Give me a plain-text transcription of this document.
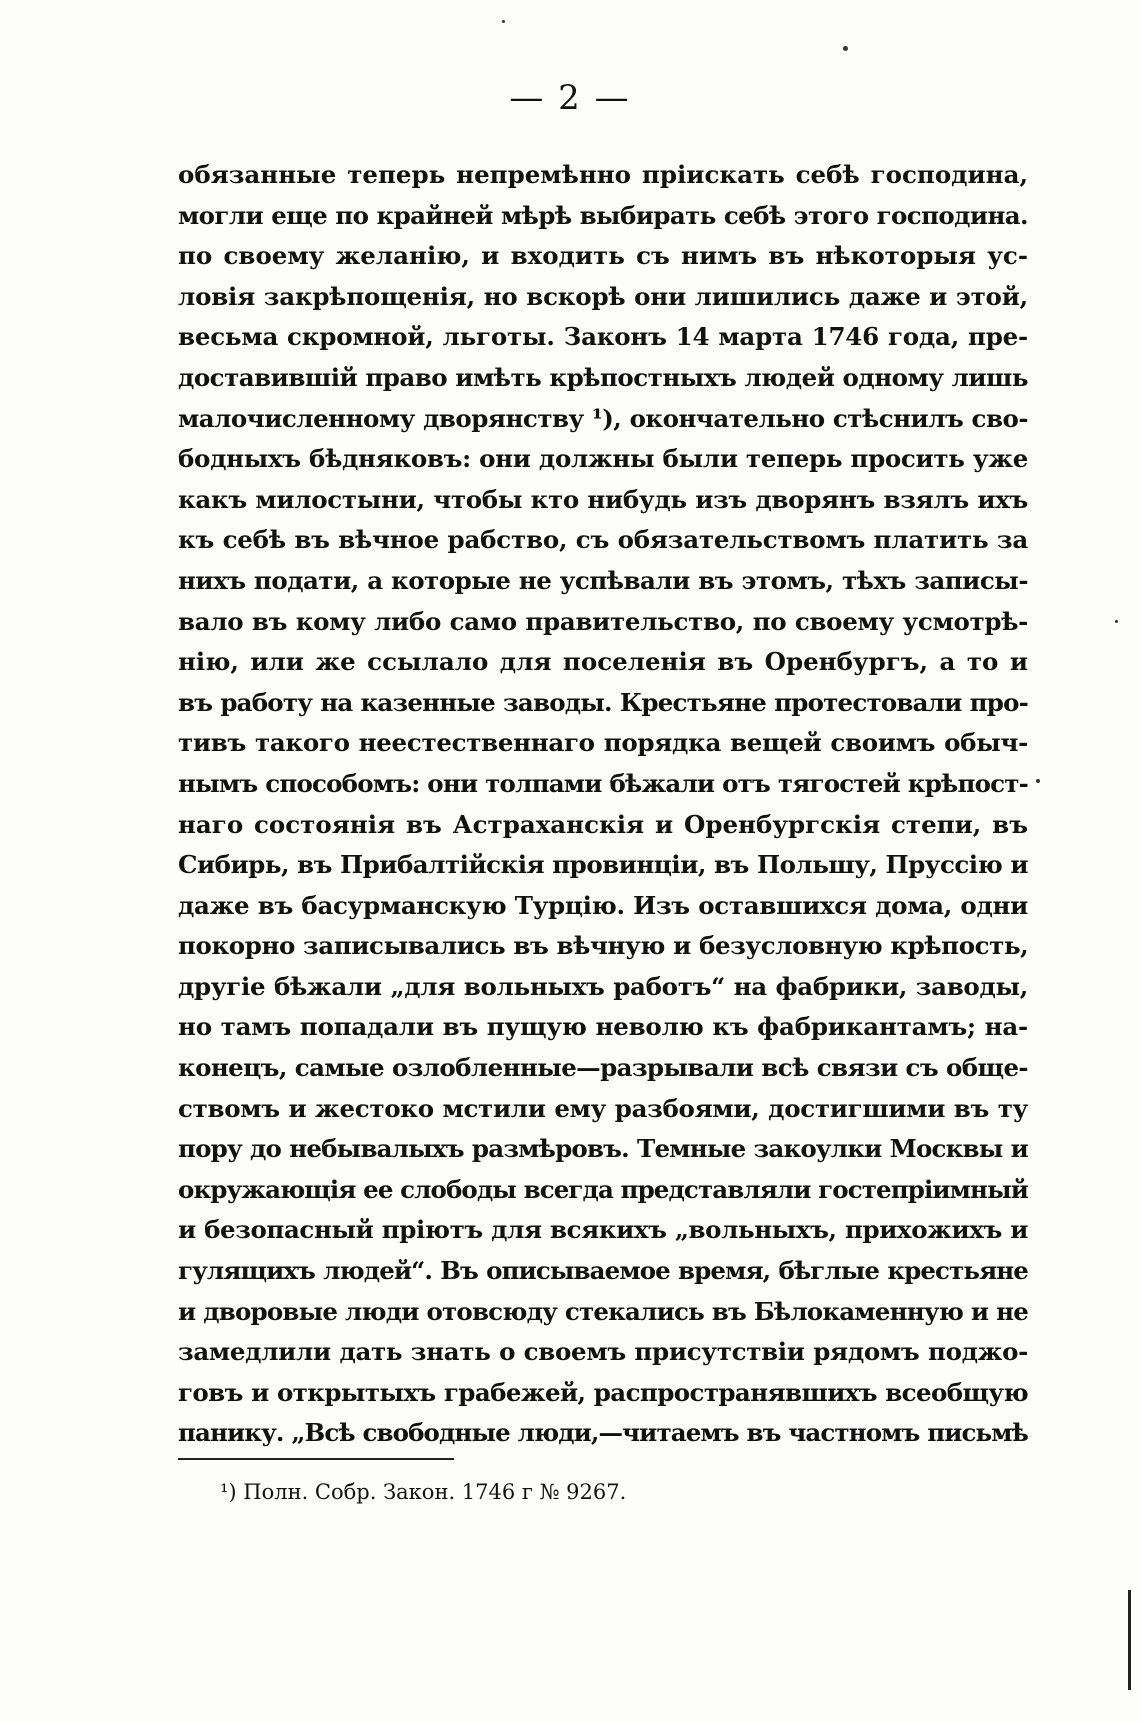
— 2 —
обязанные теперь непремѣнно пріискать себѣ господина,
могли еще по крайней мѣрѣ выбирать себѣ этого господина.
по своему желанію, и входить съ нимъ въ нѣкоторыя ус-
ловія закрѣпощенія, но вскорѣ они лишились даже и этой,
весьма скромной, льготы. Законъ 14 марта 1746 года, пре-
доставившій право имѣть крѣпостныхъ людей одному лишь
малочисленному дворянству ¹), окончательно стѣснилъ сво-
бодныхъ бѣдняковъ: они должны были теперь просить уже
какъ милостыни, чтобы кто нибудь изъ дворянъ взялъ ихъ
къ себѣ въ вѣчное рабство, съ обязательствомъ платить за
нихъ подати, а которые не успѣвали въ этомъ, тѣхъ записы-
вало въ кому либо само правительство, по своему усмотрѣ-
нію, или же ссылало для поселенія въ Оренбургъ, а то и
въ работу на казенные заводы. Крестьяне протестовали про-
тивъ такого неестественнаго порядка вещей своимъ обыч-
нымъ способомъ: они толпами бѣжали отъ тягостей крѣпост-
наго состоянія въ Астраханскія и Оренбургскія степи, въ
Сибирь, въ Прибалтійскія провинціи, въ Польшу, Пруссію и
даже въ басурманскую Турцію. Изъ оставшихся дома, одни
покорно записывались въ вѣчную и безусловную крѣпость,
другіе бѣжали „для вольныхъ работъ“ на фабрики, заводы,
но тамъ попадали въ пущую неволю къ фабрикантамъ; на-
конецъ, самые озлобленные—разрывали всѣ связи съ обще-
ствомъ и жестоко мстили ему разбоями, достигшими въ ту
пору до небывалыхъ размѣровъ. Темные закоулки Москвы и
окружающія ее слободы всегда представляли гостепріимный
и безопасный пріютъ для всякихъ „вольныхъ, прихожихъ и
гулящихъ людей“. Въ описываемое время, бѣглые крестьяне
и дворовые люди отовсюду стекались въ Бѣлокаменную и не
замедлили дать знать о своемъ присутствіи рядомъ поджо-
говъ и открытыхъ грабежей, распространявшихъ всеобщую
панику. „Всѣ свободные люди,—читаемъ въ частномъ письмѣ
¹) Полн. Собр. Закон. 1746 г № 9267.
